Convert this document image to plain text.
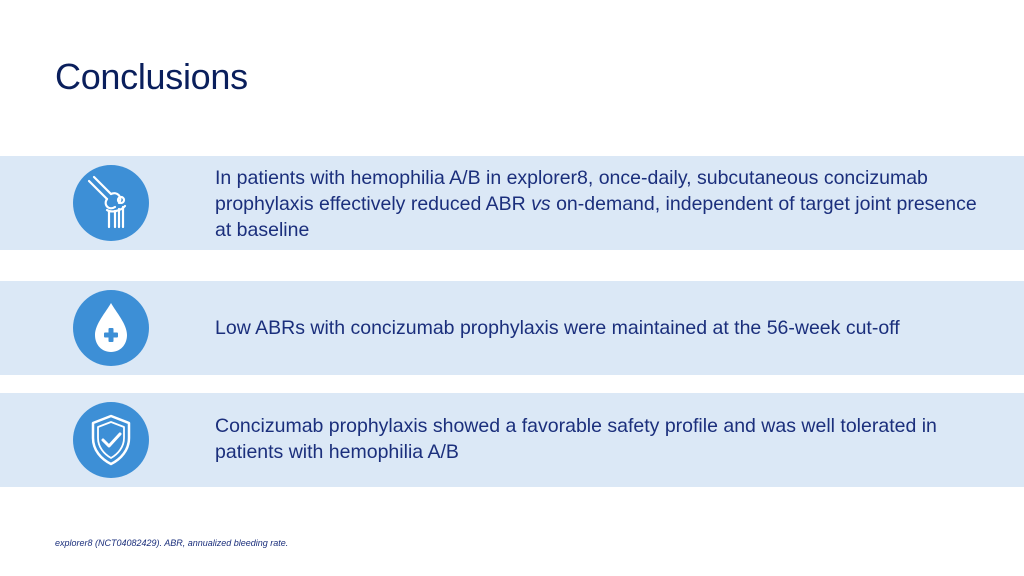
Conclusions
In patients with hemophilia A/B in explorer8, once-daily, subcutaneous concizumab prophylaxis effectively reduced ABR vs on-demand, independent of target joint presence at baseline
Low ABRs with concizumab prophylaxis were maintained at the 56-week cut-off
Concizumab prophylaxis showed a favorable safety profile and was well tolerated in patients with hemophilia A/B
explorer8 (NCT04082429). ABR, annualized bleeding rate.
